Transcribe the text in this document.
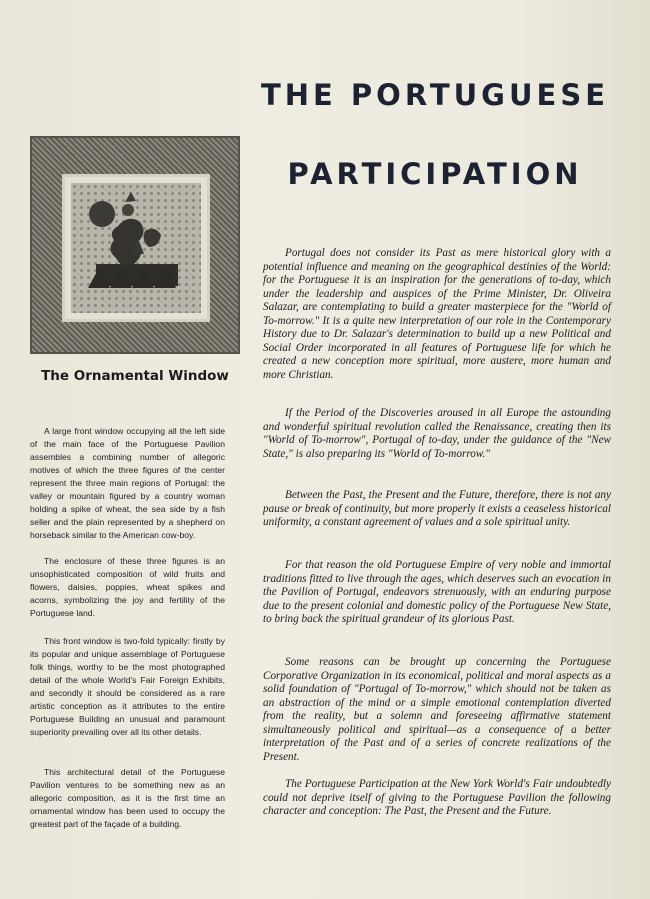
THE PORTUGUESE
PARTICIPATION
The Ornamental Window

A large front window occupying all the left side of the main face of the Portuguese Pavilion assembles a combining number of allegoric motives of which the three figures of the center represent the three main regions of Portugal: the valley or mountain figured by a country woman holding a spike of wheat, the sea side by a fish seller and the plain represented by a shepherd on horseback similar to the American cow-boy.

The enclosure of these three figures is an unsophisticated composition of wild fruits and flowers, daisies, poppies, wheat spikes and acorns, symbolizing the joy and fertility of the Portuguese land.

This front window is two-fold typically: firstly by its popular and unique assemblage of Portuguese folk things, worthy to be the most photographed detail of the whole World's Fair Foreign Exhibits, and secondly it should be considered as a rare artistic conception as it attributes to the entire Portuguese Building an unusual and paramount superiority prevailing over all its other details.

This architectural detail of the Portuguese Pavilion ventures to be something new as an allegoric composition, as it is the first time an ornamental window has been used to occupy the greatest part of the façade of a building.

Portugal does not consider its Past as mere historical glory with a potential influence and meaning on the geographical destinies of the World: for the Portuguese it is an inspiration for the generations of to-day, which under the leadership and auspices of the Prime Minister, Dr. Oliveira Salazar, are contemplating to build a greater masterpiece for the "World of To-morrow." It is a quite new interpretation of our role in the Contemporary History due to Dr. Salazar's determination to build up a new Political and Social Order incorporated in all features of Portuguese life for which he created a new conception more spiritual, more austere, more human and more Christian.

If the Period of the Discoveries aroused in all Europe the astounding and wonderful spiritual revolution called the Renaissance, creating then its "World of To-morrow", Portugal of to-day, under the guidance of the "New State," is also preparing its "World of To-morrow."

Between the Past, the Present and the Future, therefore, there is not any pause or break of continuity, but more properly it exists a ceaseless historical uniformity, a constant agreement of values and a sole spiritual unity.

For that reason the old Portuguese Empire of very noble and immortal traditions fitted to live through the ages, which deserves such an evocation in the Pavilion of Portugal, endeavors strenuously, with an enduring purpose due to the present colonial and domestic policy of the Portuguese New State, to bring back the spiritual grandeur of its glorious Past.

Some reasons can be brought up concerning the Portuguese Corporative Organization in its economical, political and moral aspects as a solid foundation of "Portugal of To-morrow," which should not be taken as an abstraction of the mind or a simple emotional contemplation diverted from the reality, but a solemn and foreseeing affirmative statement simultaneously political and spiritual—as a consequence of a better interpretation of the Past and of a series of concrete realizations of the Present.

The Portuguese Participation at the New York World's Fair undoubtedly could not deprive itself of giving to the Portuguese Pavilion the following character and conception: The Past, the Present and the Future.
